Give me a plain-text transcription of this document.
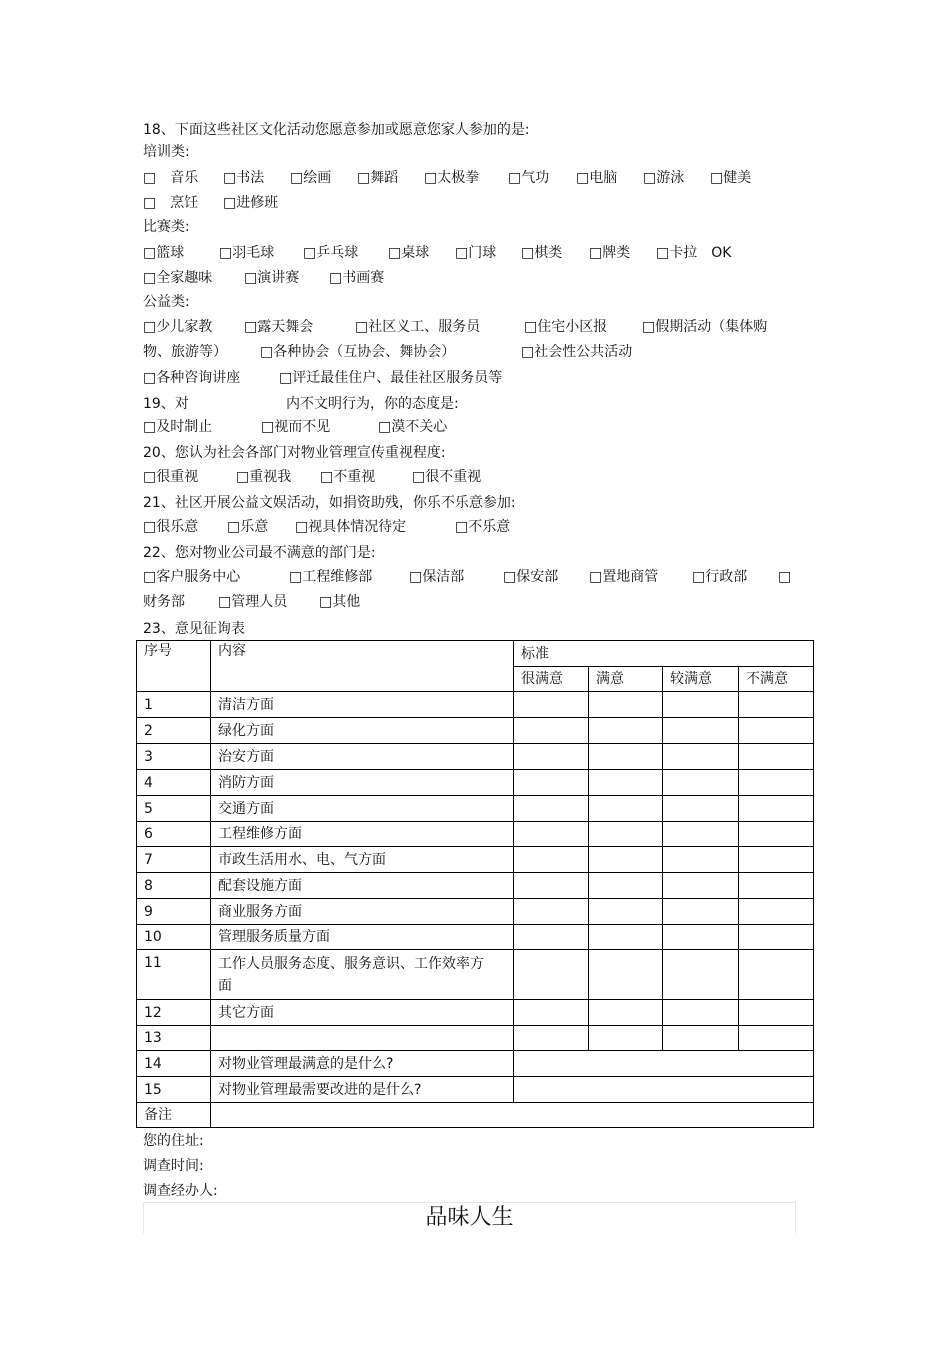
18、下面这些社区文化活动您愿意参加或愿意您家人参加的是:
培训类:
□　音乐 □书法 □绘画 □舞蹈 □太极拳 □气功 □电脑 □游泳 □健美
□　烹饪 □进修班
比赛类:
□篮球 □羽毛球 □乒乓球 □桌球 □门球 □棋类 □牌类 □卡拉　OK
□全家趣味 □演讲赛 □书画赛
公益类:
□少儿家教 □露天舞会	□社区义工、服务员	□住宅小区报 □假期活动（集体购
物、旅游等） □各种协会（互协会、舞协会）	□社会性公共活动
□各种咨询讲座	□评迁最佳住户、最佳社区服务员等
19、对	内不文明行为，你的态度是:
□及时制止	□视而不见	□漠不关心
20、您认为社会各部门对物业管理宣传重视程度:
□很重视	□重视我 □不重视	□很不重视
21、社区开展公益文娱活动，如捐资助残，你乐不乐意参加:
□很乐意 □乐意 □视具体情况待定	□不乐意
22、您对物业公司最不满意的部门是:
□客户服务中心	□工程维修部	□保洁部	□保安部 □置地商管 □行政部 □
财务部 □管理人员 □其他
23、意见征询表
序号	内容	标准			
		很满意	满意	较满意	不满意
1	清洁方面				
2	绿化方面				
3	治安方面				
4	消防方面				
5	交通方面				
6	工程维修方面				
7	市政生活用水、电、气方面				
8	配套设施方面				
9	商业服务方面				
10	管理服务质量方面				
11	工作人员服务态度、服务意识、工作效率方面				
12	其它方面				
13					
14	对物业管理最满意的是什么?				
15	对物业管理最需要改进的是什么?				
备注					
您的住址:
调查时间:
调查经办人:
品味人生
